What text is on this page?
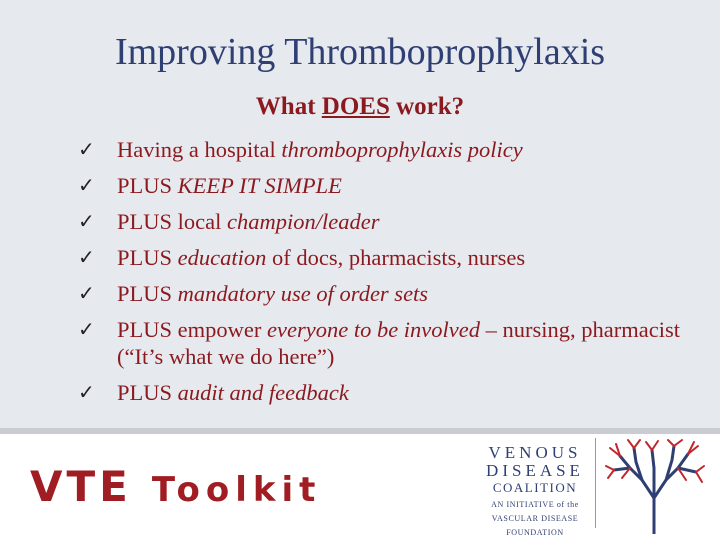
Improving Thromboprophylaxis
What DOES work?
✓ Having a hospital thromboprophylaxis policy
✓ PLUS KEEP IT SIMPLE
✓ PLUS local champion/leader
✓ PLUS education of docs, pharmacists, nurses
✓ PLUS mandatory use of order sets
✓ PLUS empower everyone to be involved – nursing, pharmacist (“It’s what we do here”)
✓ PLUS audit and feedback
VTE Toolkit
VENOUS
DISEASE
COALITION
AN INITIATIVE of the
VASCULAR DISEASE
FOUNDATION
